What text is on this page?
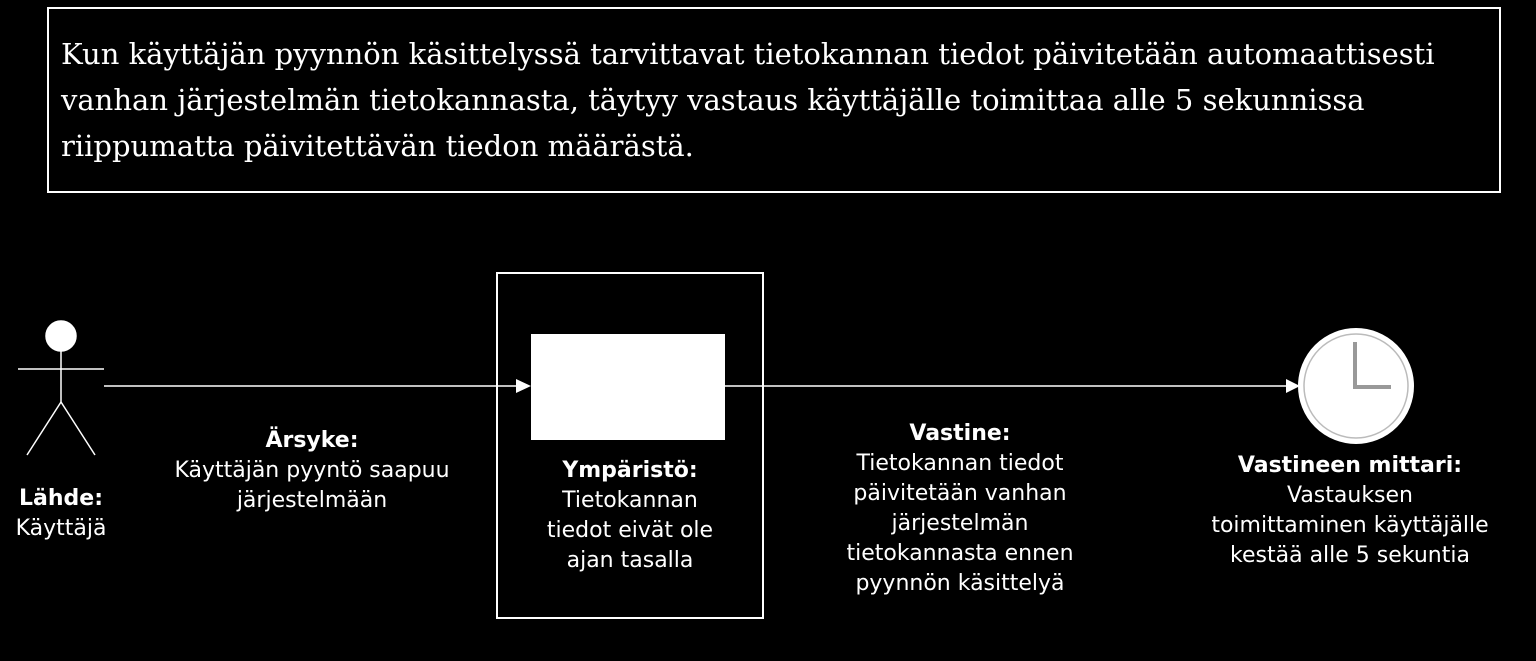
Kun käyttäjän pyynnön käsittelyssä tarvittavat tietokannan tiedot päivitetään automaattisesti
vanhan järjestelmän tietokannasta, täytyy vastaus käyttäjälle toimittaa alle 5 sekunnissa
riippumatta päivitettävän tiedon määrästä.

Lähde:
Käyttäjä
Ärsyke:
Käyttäjän pyyntö saapuu
järjestelmään
Ympäristö:
Tietokannan
tiedot eivät ole
ajan tasalla
Vastine:
Tietokannan tiedot
päivitetään vanhan
järjestelmän
tietokannasta ennen
pyynnön käsittelyä
Vastineen mittari:
Vastauksen
toimittaminen käyttäjälle
kestää alle 5 sekuntia
